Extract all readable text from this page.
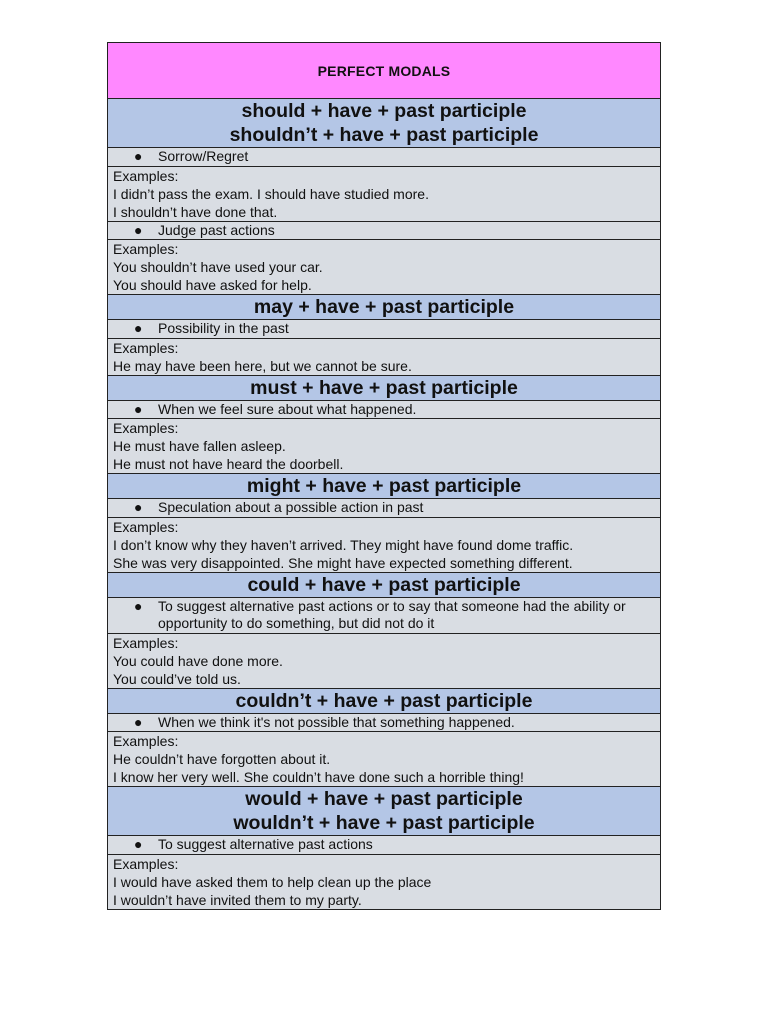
PERFECT MODALS
should + have + past participle
shouldn’t + have + past participle
●	Sorrow/Regret
Examples:
I didn’t pass the exam. I should have studied more.
I shouldn’t have done that.
●	Judge past actions
Examples:
You shouldn’t have used your car.
You should have asked for help.
may + have + past participle
●	Possibility in the past
Examples:
He may have been here, but we cannot be sure.
must + have + past participle
●	When we feel sure about what happened.
Examples:
He must have fallen asleep.
He must not have heard the doorbell.
might + have + past participle
●	Speculation about a possible action in past
Examples:
I don’t know why they haven’t arrived. They might have found dome traffic.
She was very disappointed. She might have expected something different.
could + have + past participle
●	To suggest alternative past actions or to say that someone had the ability or opportunity to do something, but did not do it
Examples:
You could have done more.
You could’ve told us.
couldn’t + have + past participle
●	When we think it's not possible that something happened.
Examples:
He couldn’t have forgotten about it.
I know her very well. She couldn’t have done such a horrible thing!
would + have + past participle
wouldn’t + have + past participle
●	To suggest alternative past actions
Examples:
I would have asked them to help clean up the place
I wouldn’t have invited them to my party.
